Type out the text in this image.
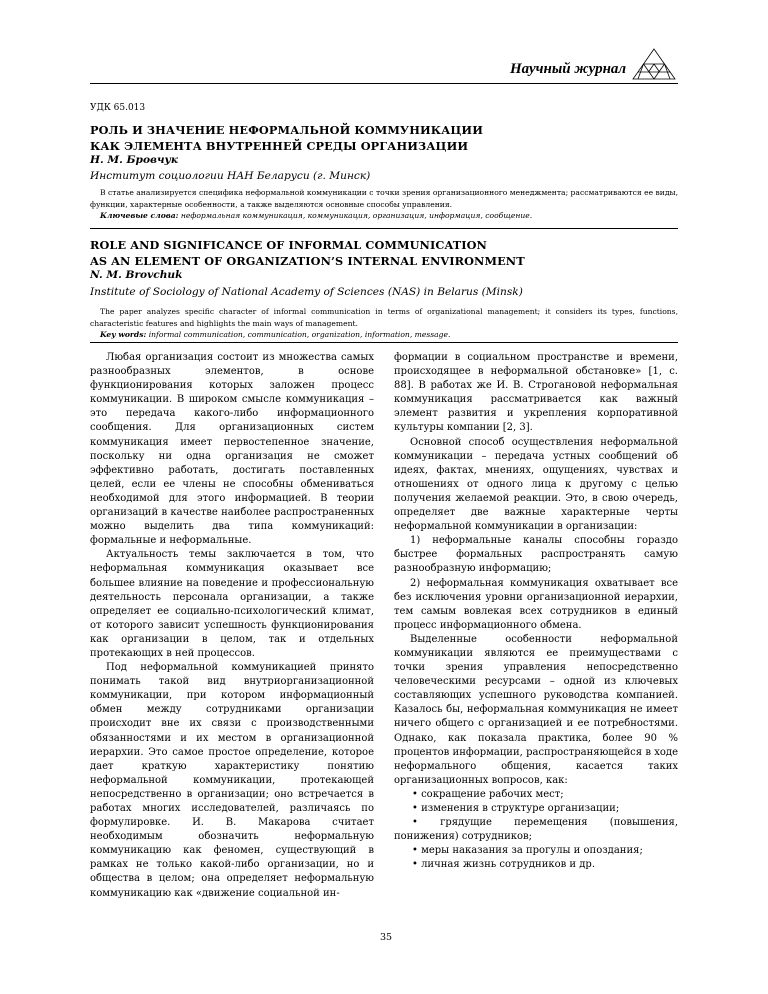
Научный журнал
УДК 65.013
РОЛЬ И ЗНАЧЕНИЕ НЕФОРМАЛЬНОЙ КОММУНИКАЦИИ
КАК ЭЛЕМЕНТА ВНУТРЕННЕЙ СРЕДЫ ОРГАНИЗАЦИИ
Н. М. Бровчук
Институт социологии НАН Беларуси (г. Минск)

В статье анализируется специфика неформальной коммуникации с точки зрения организационного менеджмента; рассматриваются ее виды, функции, характерные особенности, а также выделяются основные способы управления.

Ключевые слова: неформальная коммуникация, коммуникация, организация, информация, сообщение.

ROLE AND SIGNIFICANCE OF INFORMAL COMMUNICATION
AS AN ELEMENT OF ORGANIZATION’S INTERNAL ENVIRONMENT
N. M. Brovchuk
Institute of Sociology of National Academy of Sciences (NAS) in Belarus (Minsk)

The paper analyzes specific character of informal communication in terms of organizational management; it considers its types, functions, characteristic features and highlights the main ways of management.

Key words: informal communication, communication, organization, information, message.

Любая организация состоит из множества самых разнообразных элементов, в основе функционирования которых заложен процесс коммуникации. В широком смысле коммуникация – это передача какого-либо информационного сообщения. Для организационных систем коммуникация имеет первостепенное значение, поскольку ни одна организация не сможет эффективно работать, достигать поставленных целей, если ее члены не способны обмениваться необходимой для этого информацией. В теории организаций в качестве наиболее распространенных можно выделить два типа коммуникаций: формальные и неформальные.

Актуальность темы заключается в том, что неформальная коммуникация оказывает все большее влияние на поведение и профессиональную деятельность персонала организации, а также определяет ее социально-психологический климат, от которого зависит успешность функционирования как организации в целом, так и отдельных протекающих в ней процессов.

Под неформальной коммуникацией принято понимать такой вид внутриорганизационной коммуникации, при котором информационный обмен между сотрудниками организации происходит вне их связи с производственными обязанностями и их местом в организационной иерархии. Это самое простое определение, которое дает краткую характеристику понятию неформальной коммуникации, протекающей непосредственно в организации; оно встречается в работах многих исследователей, различаясь по формулировке. И. В. Макарова считает необходимым обозначить неформальную коммуникацию как феномен, существующий в рамках не только какой-либо организации, но и общества в целом; она определяет неформальную коммуникацию как «движение социальной ин-

формации в социальном пространстве и времени, происходящее в неформальной обстановке» [1, с. 88]. В работах же И. В. Строгановой неформальная коммуникация рассматривается как важный элемент развития и укрепления корпоративной культуры компании [2, 3].

Основной способ осуществления неформальной коммуникации – передача устных сообщений об идеях, фактах, мнениях, ощущениях, чувствах и отношениях от одного лица к другому с целью получения желаемой реакции. Это, в свою очередь, определяет две важные характерные черты неформальной коммуникации в организации:

1) неформальные каналы способны гораздо быстрее формальных распространять самую разнообразную информацию;

2) неформальная коммуникация охватывает все без исключения уровни организационной иерархии, тем самым вовлекая всех сотрудников в единый процесс информационного обмена.

Выделенные особенности неформальной коммуникации являются ее преимуществами с точки зрения управления непосредственно человеческими ресурсами – одной из ключевых составляющих успешного руководства компанией. Казалось бы, неформальная коммуникация не имеет ничего общего с организацией и ее потребностями. Однако, как показала практика, более 90 % процентов информации, распространяющейся в ходе неформального общения, касается таких организационных вопросов, как:

• сокращение рабочих мест;
• изменения в структуре организации;
• грядущие перемещения (повышения, понижения) сотрудников;
• меры наказания за прогулы и опоздания;
• личная жизнь сотрудников и др.
35
